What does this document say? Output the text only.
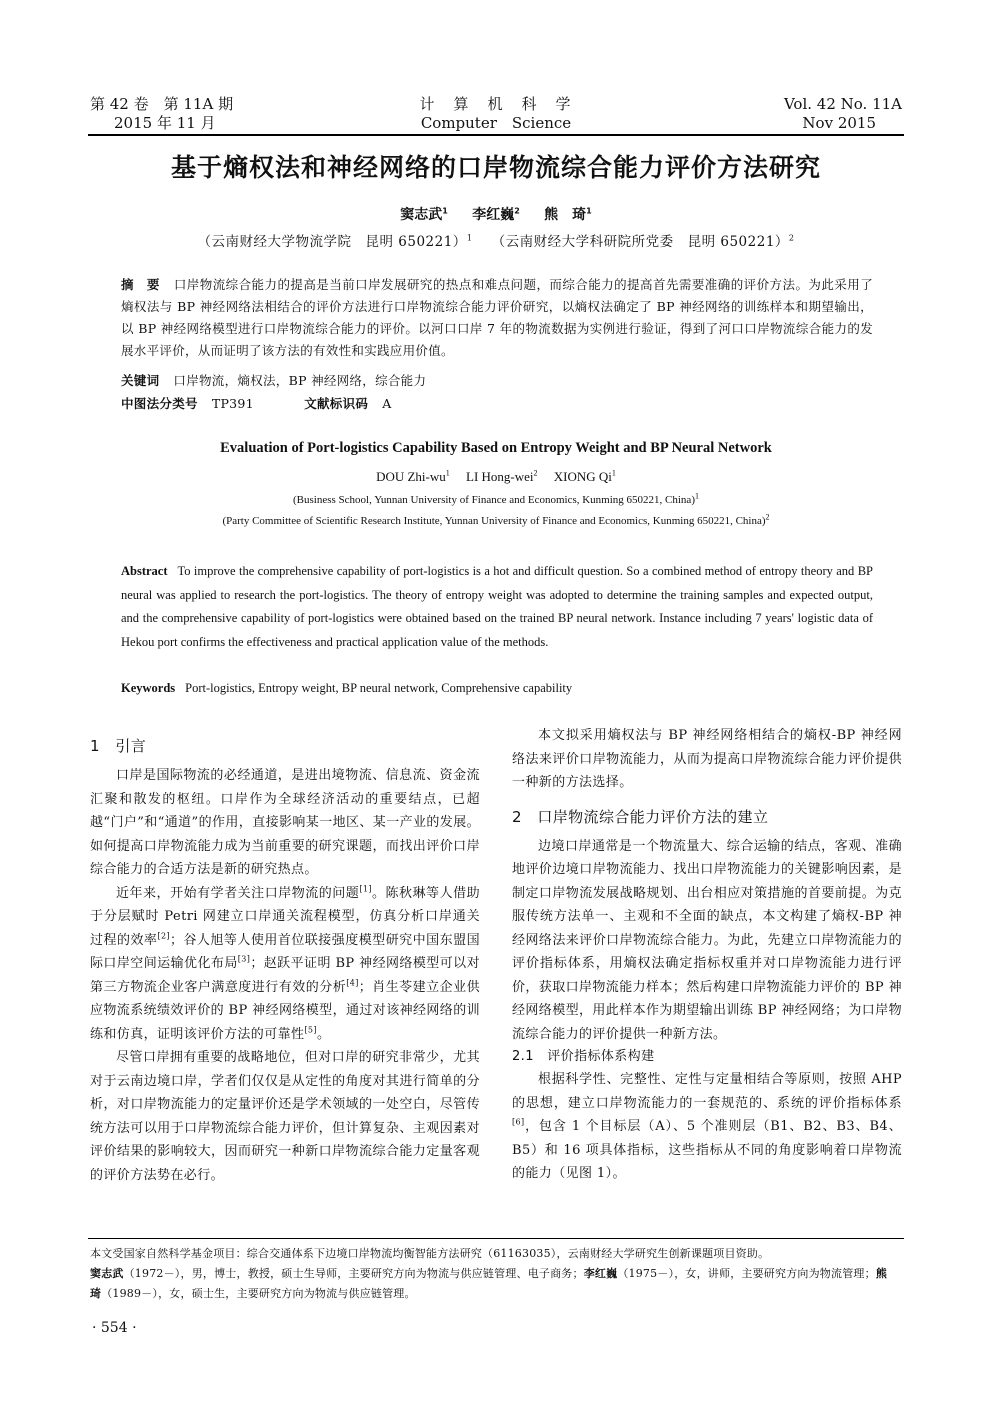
第 42 卷　第 11A 期
2015 年 11 月
计　算　机　科　学
Computer　Science
Vol. 42 No. 11A
Nov 2015
基于熵权法和神经网络的口岸物流综合能力评价方法研究
窦志武$^1$ 李红巍$^2$ 熊　琦$^1$
（云南财经大学物流学院　昆明 650221）$^1$ （云南财经大学科研院所党委　昆明 650221）$^2$
摘　要 口岸物流综合能力的提高是当前口岸发展研究的热点和难点问题，而综合能力的提高首先需要准确的评价方法。为此采用了熵权法与 BP 神经网络法相结合的评价方法进行口岸物流综合能力评价研究，以熵权法确定了 BP 神经网络的训练样本和期望输出，以 BP 神经网络模型进行口岸物流综合能力的评价。以河口口岸 7 年的物流数据为实例进行验证，得到了河口口岸物流综合能力的发展水平评价，从而证明了该方法的有效性和实践应用价值。
关键词 口岸物流，熵权法，BP 神经网络，综合能力
中图法分类号 TP391	文献标识码 A
Evaluation of Port-logistics Capability Based on Entropy Weight and BP Neural Network
DOU Zhi-$wu^1$ LI Hong-wei$^2$ XIONG Qi$^1$
(Business School, Yunnan University of Finance and Economics, Kunming 650221, China)$^1$
(Party Committee of Scientific Research Institute, Yunnan University of Finance and Economics, Kunming 650221, China)$^2$
Abstract To improve the comprehensive capability of port-logistics is a hot and difficult question. So a combined method of entropy theory and BP neural was applied to research the port-logistics. The theory of entropy weight was adopted to determine the training samples and expected output, and the comprehensive capability of port-logistics were obtained based on the trained BP neural network. Instance including 7 years' logistic data of Hekou port confirms the effectiveness and practical application value of the methods.
Keywords Port-logistics, Entropy weight, BP neural network, Comprehensive capability
1　引言

口岸是国际物流的必经通道，是进出境物流、信息流、资金流汇聚和散发的枢纽。口岸作为全球经济活动的重要结点，已超越“门户”和“通道”的作用，直接影响某一地区、某一产业的发展。如何提高口岸物流能力成为当前重要的研究课题，而找出评价口岸综合能力的合适方法是新的研究热点。

近年来，开始有学者关注口岸物流的问题[1]。陈秋琳等人借助于分层赋时 Petri 网建立口岸通关流程模型，仿真分析口岸通关过程的效率[2]；谷人旭等人使用首位联接强度模型研究中国东盟国际口岸空间运输优化布局[3]；赵跃平证明 BP 神经网络模型可以对第三方物流企业客户满意度进行有效的分析[4]；肖生苓建立企业供应物流系统绩效评价的 BP 神经网络模型，通过对该神经网络的训练和仿真，证明该评价方法的可靠性[5]。

尽管口岸拥有重要的战略地位，但对口岸的研究非常少，尤其对于云南边境口岸，学者们仅仅是从定性的角度对其进行简单的分析，对口岸物流能力的定量评价还是学术领域的一处空白，尽管传统方法可以用于口岸物流综合能力评价，但计算复杂、主观因素对评价结果的影响较大，因而研究一种新口岸物流综合能力定量客观的评价方法势在必行。

本文拟采用熵权法与 BP 神经网络相结合的熵权-BP 神经网络法来评价口岸物流能力，从而为提高口岸物流综合能力评价提供一种新的方法选择。

2　口岸物流综合能力评价方法的建立

边境口岸通常是一个物流量大、综合运输的结点，客观、准确地评价边境口岸物流能力、找出口岸物流能力的关键影响因素，是制定口岸物流发展战略规划、出台相应对策措施的首要前提。为克服传统方法单一、主观和不全面的缺点，本文构建了熵权-BP 神经网络法来评价口岸物流综合能力。为此，先建立口岸物流能力的评价指标体系，用熵权法确定指标权重并对口岸物流能力进行评价，获取口岸物流能力样本；然后构建口岸物流能力评价的 BP 神经网络模型，用此样本作为期望输出训练 BP 神经网络；为口岸物流综合能力的评价提供一种新方法。

2.1　评价指标体系构建

根据科学性、完整性、定性与定量相结合等原则，按照 AHP 的思想，建立口岸物流能力的一套规范的、系统的评价指标体系[6]，包含 1 个目标层（A）、5 个准则层（B1、B2、B3、B4、B5）和 16 项具体指标，这些指标从不同的角度影响着口岸物流的能力（见图 1）。

本文受国家自然科学基金项目：综合交通体系下边境口岸物流均衡智能方法研究（61163035），云南财经大学研究生创新课题项目资助。
窦志武（1972－），男，博士，教授，硕士生导师，主要研究方向为物流与供应链管理、电子商务；李红巍（1975－），女，讲师，主要研究方向为物流管理；熊　琦（1989－），女，硕士生，主要研究方向为物流与供应链管理。
· 554 ·
